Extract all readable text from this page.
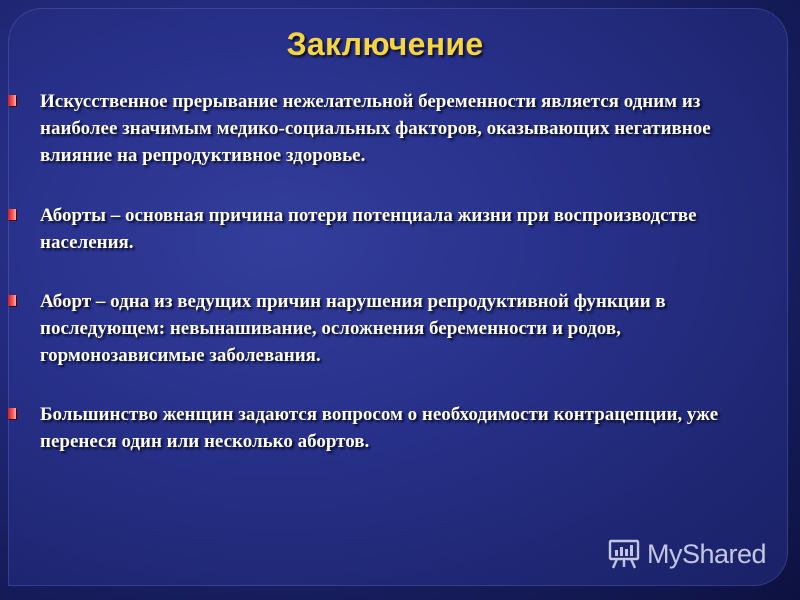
Заключение
Искусственное прерывание нежелательной беременности является одним из наиболее значимым медико-социальных факторов, оказывающих негативное влияние на репродуктивное здоровье.
Аборты – основная причина потери потенциала жизни при воспроизводстве населения.
Аборт – одна из ведущих причин нарушения репродуктивной функции в последующем: невынашивание, осложнения беременности и родов, гормонозависимые заболевания.
Большинство женщин задаются вопросом о необходимости контрацепции, уже перенеся один или несколько абортов.
MyShared
